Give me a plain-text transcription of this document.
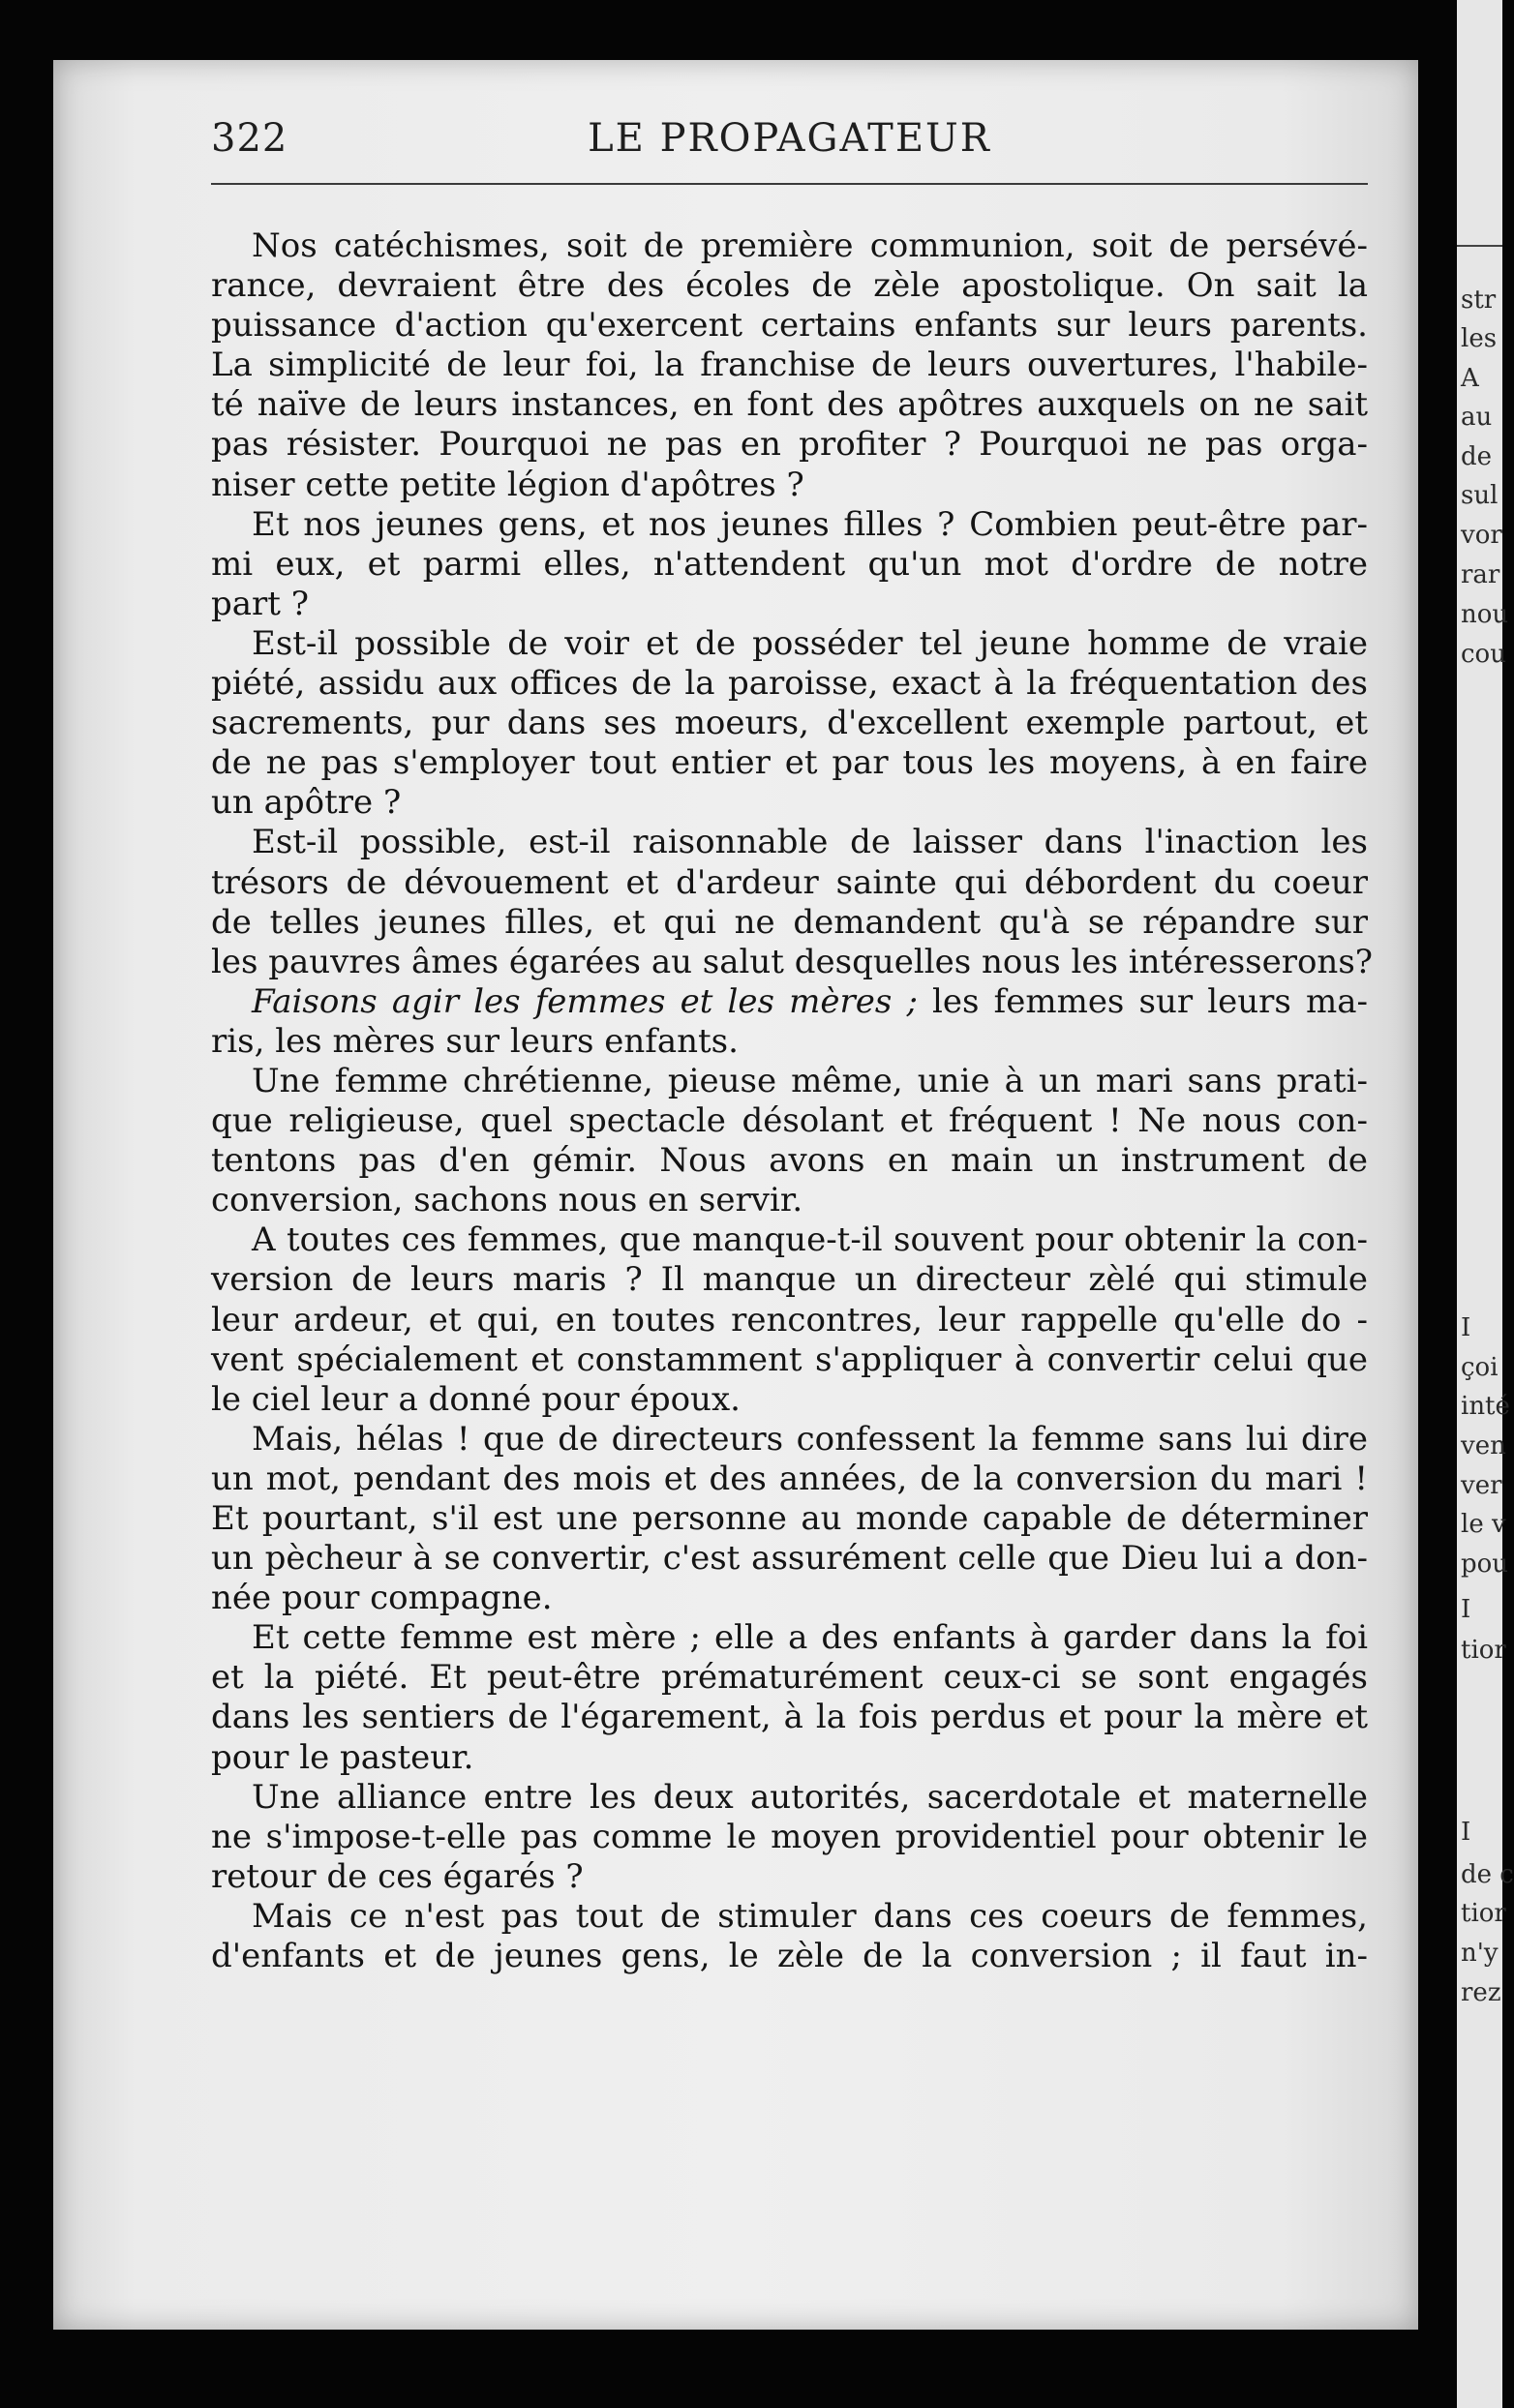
322	LE PROPAGATEUR
Nos catéchismes, soit de première communion, soit de persévé-
rance, devraient être des écoles de zèle apostolique. On sait la
puissance d'action qu'exercent certains enfants sur leurs parents.
La simplicité de leur foi, la franchise de leurs ouvertures, l'habile-
té naïve de leurs instances, en font des apôtres auxquels on ne sait
pas résister. Pourquoi ne pas en profiter ? Pourquoi ne pas orga-
niser cette petite légion d'apôtres ?
Et nos jeunes gens, et nos jeunes filles ? Combien peut-être par-
mi eux, et parmi elles, n'attendent qu'un mot d'ordre de notre
part ?
Est-il possible de voir et de posséder tel jeune homme de vraie
piété, assidu aux offices de la paroisse, exact à la fréquentation des
sacrements, pur dans ses moeurs, d'excellent exemple partout, et
de ne pas s'employer tout entier et par tous les moyens, à en faire
un apôtre ?
Est-il possible, est-il raisonnable de laisser dans l'inaction les
trésors de dévouement et d'ardeur sainte qui débordent du coeur
de telles jeunes filles, et qui ne demandent qu'à se répandre sur
les pauvres âmes égarées au salut desquelles nous les intéresserons?
Faisons agir les femmes et les mères ; les femmes sur leurs ma-
ris, les mères sur leurs enfants.
Une femme chrétienne, pieuse même, unie à un mari sans prati-
que religieuse, quel spectacle désolant et fréquent ! Ne nous con-
tentons pas d'en gémir. Nous avons en main un instrument de
conversion, sachons nous en servir.
A toutes ces femmes, que manque-t-il souvent pour obtenir la con-
version de leurs maris ? Il manque un directeur zèlé qui stimule
leur ardeur, et qui, en toutes rencontres, leur rappelle qu'elle do -
vent spécialement et constamment s'appliquer à convertir celui que
le ciel leur a donné pour époux.
Mais, hélas ! que de directeurs confessent la femme sans lui dire
un mot, pendant des mois et des années, de la conversion du mari !
Et pourtant, s'il est une personne au monde capable de déterminer
un pècheur à se convertir, c'est assurément celle que Dieu lui a don-
née pour compagne.
Et cette femme est mère ; elle a des enfants à garder dans la foi
et la piété. Et peut-être prématurément ceux-ci se sont engagés
dans les sentiers de l'égarement, à la fois perdus et pour la mère et
pour le pasteur.
Une alliance entre les deux autorités, sacerdotale et maternelle
ne s'impose-t-elle pas comme le moyen providentiel pour obtenir le
retour de ces égarés ?
Mais ce n'est pas tout de stimuler dans ces coeurs de femmes,
d'enfants et de jeunes gens, le zèle de la conversion ; il faut in-
str
les
A
au
de
sul
vor
rar
nou
cou
I
çoi
inté
ven
ver
le v
pou
I
tior
I
de c
tior
n'y
rez
